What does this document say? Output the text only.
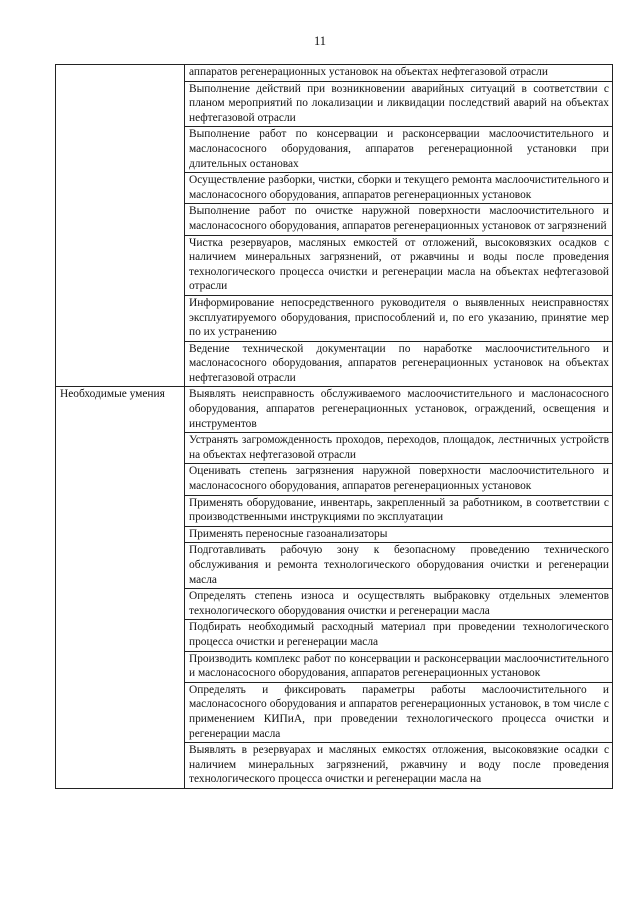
11
	аппаратов регенерационных установок на объектах нефтегазовой отрасли
	Выполнение действий при возникновении аварийных ситуаций в соответствии с планом мероприятий по локализации и ликвидации последствий аварий на объектах нефтегазовой отрасли
	Выполнение работ по консервации и расконсервации маслоочистительного и маслонасосного оборудования, аппаратов регенерационной установки при длительных остановах
	Осуществление разборки, чистки, сборки и текущего ремонта маслоочистительного и маслонасосного оборудования, аппаратов регенерационных установок
	Выполнение работ по очистке наружной поверхности маслоочистительного и маслонасосного оборудования, аппаратов регенерационных установок от загрязнений
	Чистка резервуаров, масляных емкостей от отложений, высоковязких осадков с наличием минеральных загрязнений, от ржавчины и воды после проведения технологического процесса очистки и регенерации масла на объектах нефтегазовой отрасли
	Информирование непосредственного руководителя о выявленных неисправностях эксплуатируемого оборудования, приспособлений и, по его указанию, принятие мер по их устранению
	Ведение технической документации по наработке маслоочистительного и маслонасосного оборудования, аппаратов регенерационных установок на объектах нефтегазовой отрасли
Необходимые умения	Выявлять неисправность обслуживаемого маслоочистительного и маслонасосного оборудования, аппаратов регенерационных установок, ограждений, освещения и инструментов
	Устранять загроможденность проходов, переходов, площадок, лестничных устройств на объектах нефтегазовой отрасли
	Оценивать степень загрязнения наружной поверхности маслоочистительного и маслонасосного оборудования, аппаратов регенерационных установок
	Применять оборудование, инвентарь, закрепленный за работником, в соответствии с производственными инструкциями по эксплуатации
	Применять переносные газоанализаторы
	Подготавливать рабочую зону к безопасному проведению технического обслуживания и ремонта технологического оборудования очистки и регенерации масла
	Определять степень износа и осуществлять выбраковку отдельных элементов технологического оборудования очистки и регенерации масла
	Подбирать необходимый расходный материал при проведении технологического процесса очистки и регенерации масла
	Производить комплекс работ по консервации и расконсервации маслоочистительного и маслонасосного оборудования, аппаратов регенерационных установок
	Определять и фиксировать параметры работы маслоочистительного и маслонасосного оборудования и аппаратов регенерационных установок, в том числе с применением КИПиА, при проведении технологического процесса очистки и регенерации масла
	Выявлять в резервуарах и масляных емкостях отложения, высоковязкие осадки с наличием минеральных загрязнений, ржавчину и воду после проведения технологического процесса очистки и регенерации масла на
